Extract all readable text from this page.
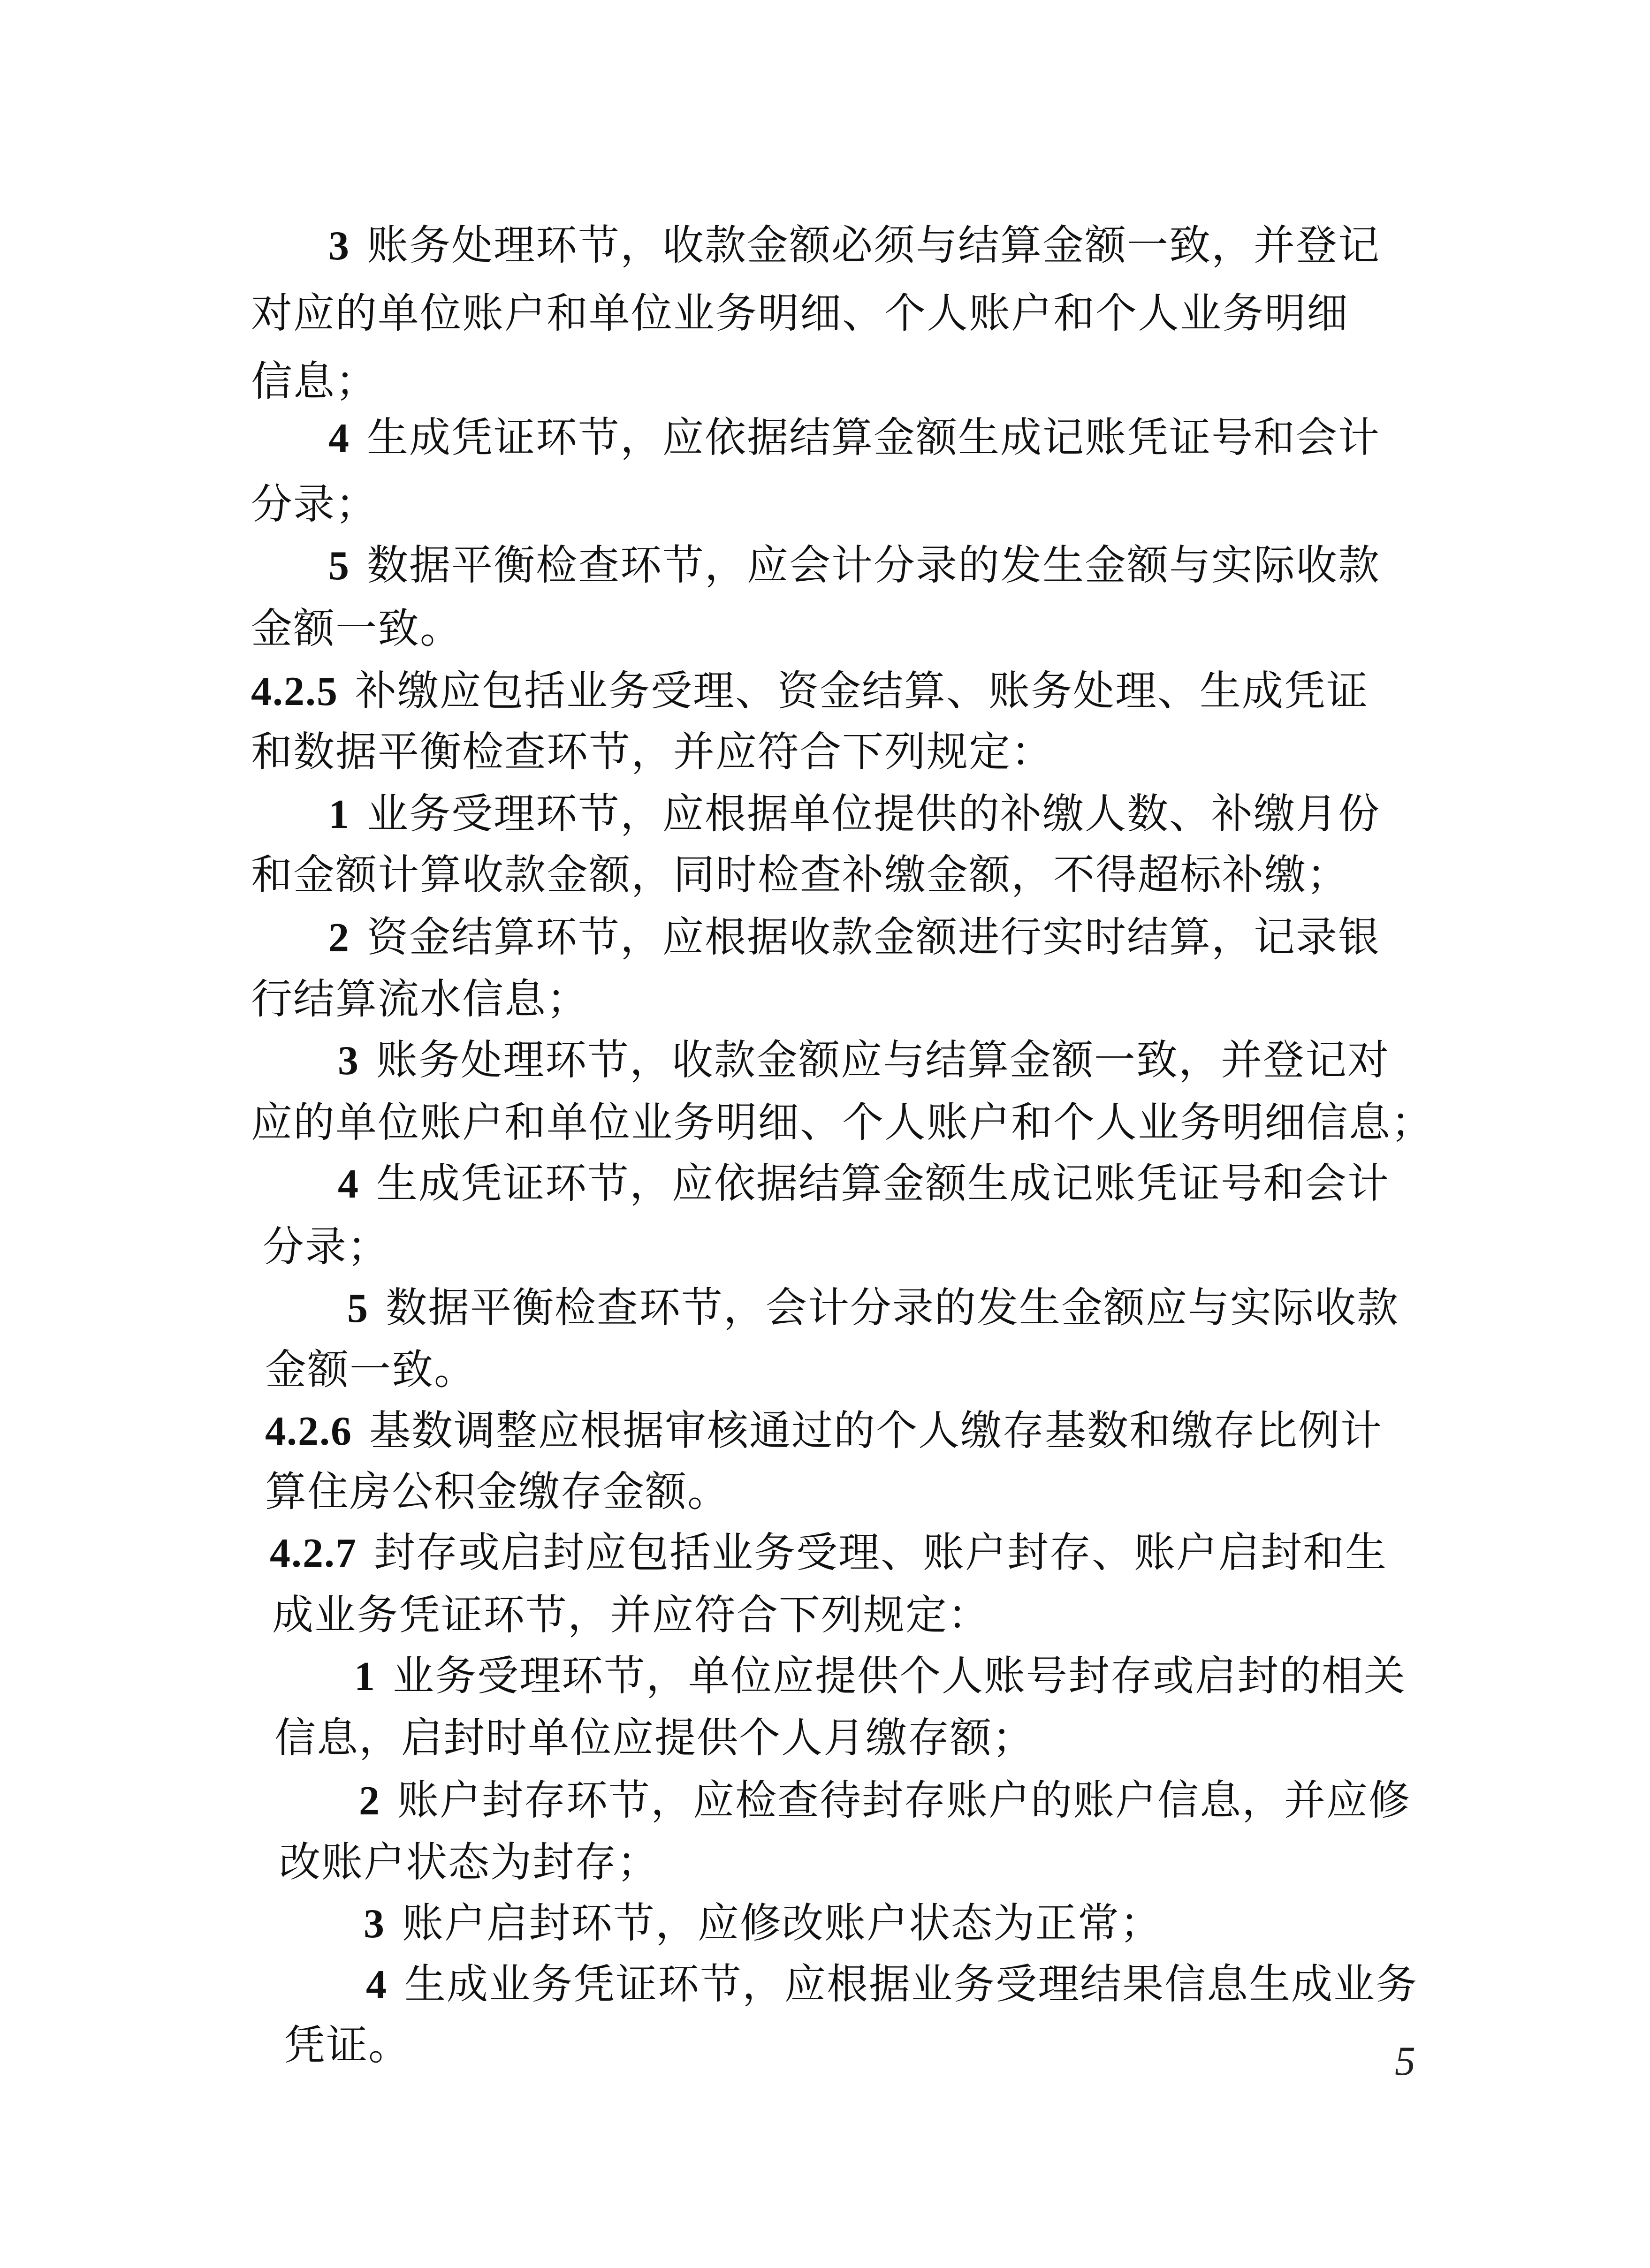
3 账务处理环节，收款金额必须与结算金额一致，并登记
对应的单位账户和单位业务明细、个人账户和个人业务明细
信息；
4 生成凭证环节，应依据结算金额生成记账凭证号和会计
分录；
5 数据平衡检查环节，应会计分录的发生金额与实际收款
金额一致。
4.2.5 补缴应包括业务受理、资金结算、账务处理、生成凭证
和数据平衡检查环节，并应符合下列规定：
1 业务受理环节，应根据单位提供的补缴人数、补缴月份
和金额计算收款金额，同时检查补缴金额，不得超标补缴；
2 资金结算环节，应根据收款金额进行实时结算，记录银
行结算流水信息；
3 账务处理环节，收款金额应与结算金额一致，并登记对
应的单位账户和单位业务明细、个人账户和个人业务明细信息；
4 生成凭证环节，应依据结算金额生成记账凭证号和会计
分录；
5 数据平衡检查环节，会计分录的发生金额应与实际收款
金额一致。
4.2.6 基数调整应根据审核通过的个人缴存基数和缴存比例计
算住房公积金缴存金额。
4.2.7 封存或启封应包括业务受理、账户封存、账户启封和生
成业务凭证环节，并应符合下列规定：
1 业务受理环节，单位应提供个人账号封存或启封的相关
信息，启封时单位应提供个人月缴存额；
2 账户封存环节，应检查待封存账户的账户信息，并应修
改账户状态为封存；
3 账户启封环节，应修改账户状态为正常；
4 生成业务凭证环节，应根据业务受理结果信息生成业务
凭证。	5
